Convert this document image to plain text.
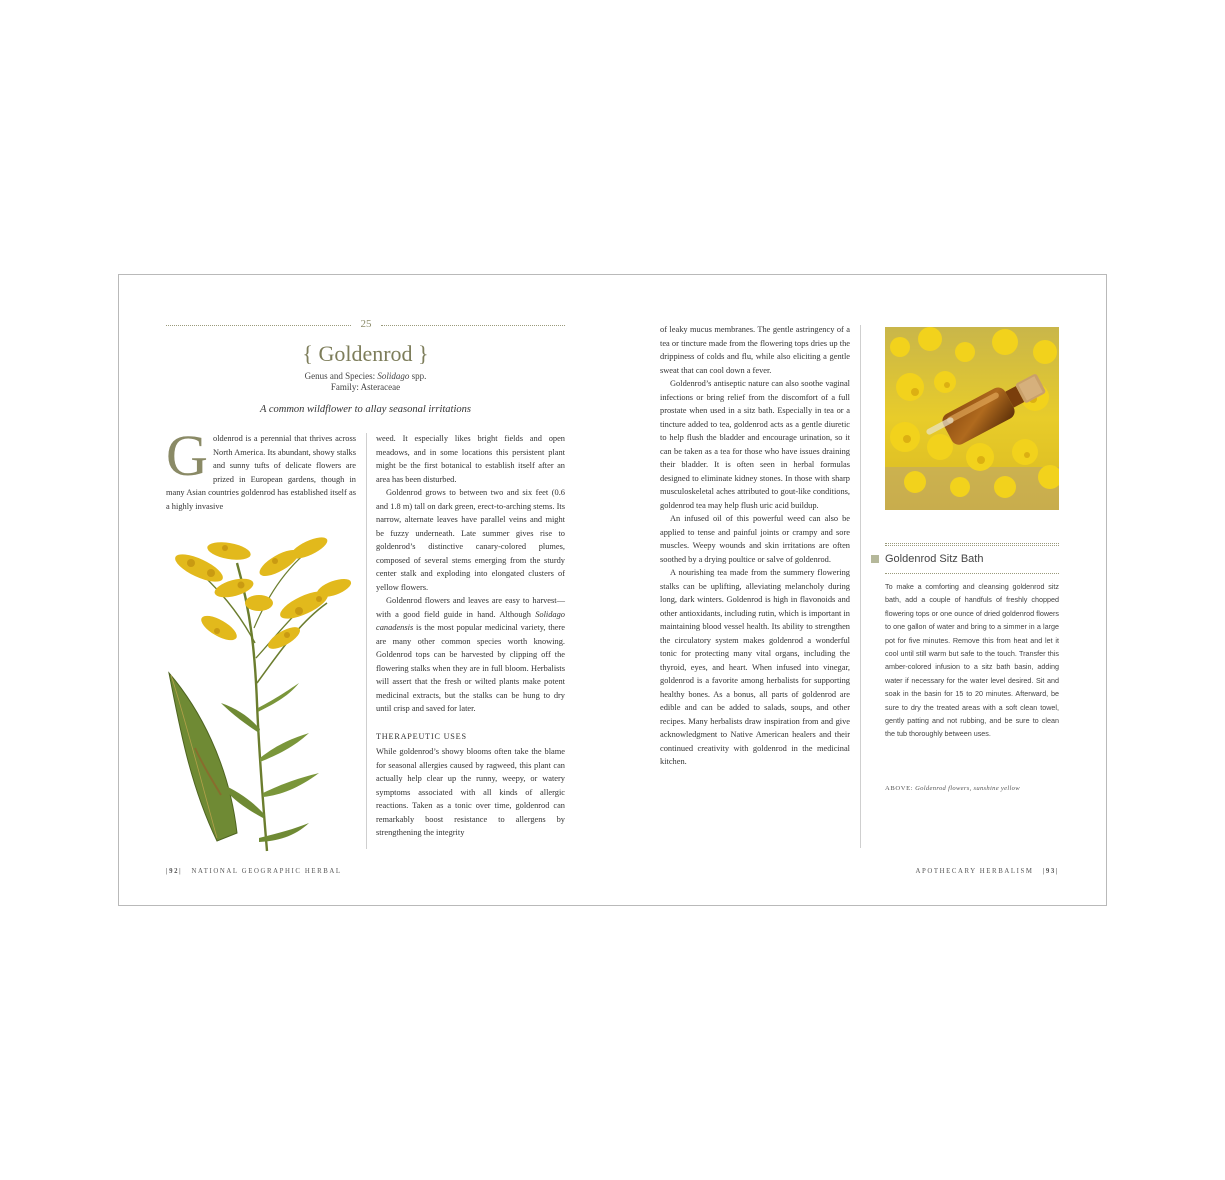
25
{ Goldenrod }
Genus and Species: Solidago spp.
Family: Asteraceae
A common wildflower to allay seasonal irritations
G oldenrod is a perennial that thrives across North America. Its abundant, showy stalks and sunny tufts of delicate flowers are prized in European gardens, though in many Asian countries goldenrod has established itself as a highly invasive

weed. It especially likes bright fields and open meadows, and in some locations this persistent plant might be the first botanical to establish itself after an area has been disturbed.

Goldenrod grows to between two and six feet (0.6 and 1.8 m) tall on dark green, erect-to-arching stems. Its narrow, alternate leaves have parallel veins and might be fuzzy underneath. Late summer gives rise to goldenrod’s distinctive canary-colored plumes, composed of several stems emerging from the sturdy center stalk and exploding into elongated clusters of yellow flowers.

Goldenrod flowers and leaves are easy to harvest—with a good field guide in hand. Although Solidago canadensis is the most popular medicinal variety, there are many other common species worth knowing. Goldenrod tops can be harvested by clipping off the flowering stalks when they are in full bloom. Herbalists will assert that the fresh or wilted plants make potent medicinal extracts, but the stalks can be hung to dry until crisp and saved for later.

THERAPEUTIC USES

While goldenrod’s showy blooms often take the blame for seasonal allergies caused by ragweed, this plant can actually help clear up the runny, weepy, or watery symptoms associated with all kinds of allergic reactions. Taken as a tonic over time, goldenrod can remarkably boost resistance to allergens by strengthening the integrity

of leaky mucus membranes. The gentle astringency of a tea or tincture made from the flowering tops dries up the drippiness of colds and flu, while also eliciting a gentle sweat that can cool down a fever.

Goldenrod’s antiseptic nature can also soothe vaginal infections or bring relief from the discomfort of a full prostate when used in a sitz bath. Especially in tea or a tincture added to tea, goldenrod acts as a gentle diuretic to help flush the bladder and encourage urination, so it can be taken as a tea for those who have issues draining their bladder. It is often seen in herbal formulas designed to eliminate kidney stones. In those with sharp musculoskeletal aches attributed to gout-like conditions, goldenrod tea may help flush uric acid buildup.

An infused oil of this powerful weed can also be applied to tense and painful joints or crampy and sore muscles. Weepy wounds and skin irritations are often soothed by a drying poultice or salve of goldenrod.

A nourishing tea made from the summery flowering stalks can be uplifting, alleviating melancholy during long, dark winters. Goldenrod is high in flavonoids and other antioxidants, including rutin, which is important in maintaining blood vessel health. Its ability to strengthen the circulatory system makes goldenrod a wonderful tonic for protecting many vital organs, including the thyroid, eyes, and heart. When infused into vinegar, goldenrod is a favorite among herbalists for supporting healthy bones. As a bonus, all parts of goldenrod are edible and can be added to salads, soups, and other recipes. Many herbalists draw inspiration from and give acknowledgment to Native American healers and their continued creativity with goldenrod in the medicinal kitchen.

Goldenrod Sitz Bath
To make a comforting and cleansing goldenrod sitz bath, add a couple of handfuls of freshly chopped flowering tops or one ounce of dried goldenrod flowers to one gallon of water and bring to a simmer in a large pot for five minutes. Remove this from heat and let it cool until still warm but safe to the touch. Transfer this amber-colored infusion to a sitz bath basin, adding water if necessary for the water level desired. Sit and soak in the basin for 15 to 20 minutes. Afterward, be sure to dry the treated areas with a soft clean towel, gently patting and not rubbing, and be sure to clean the tub thoroughly between uses.
ABOVE: Goldenrod flowers, sunshine yellow
|92| NATIONAL GEOGRAPHIC HERBAL	APOTHECARY HERBALISM |93|
